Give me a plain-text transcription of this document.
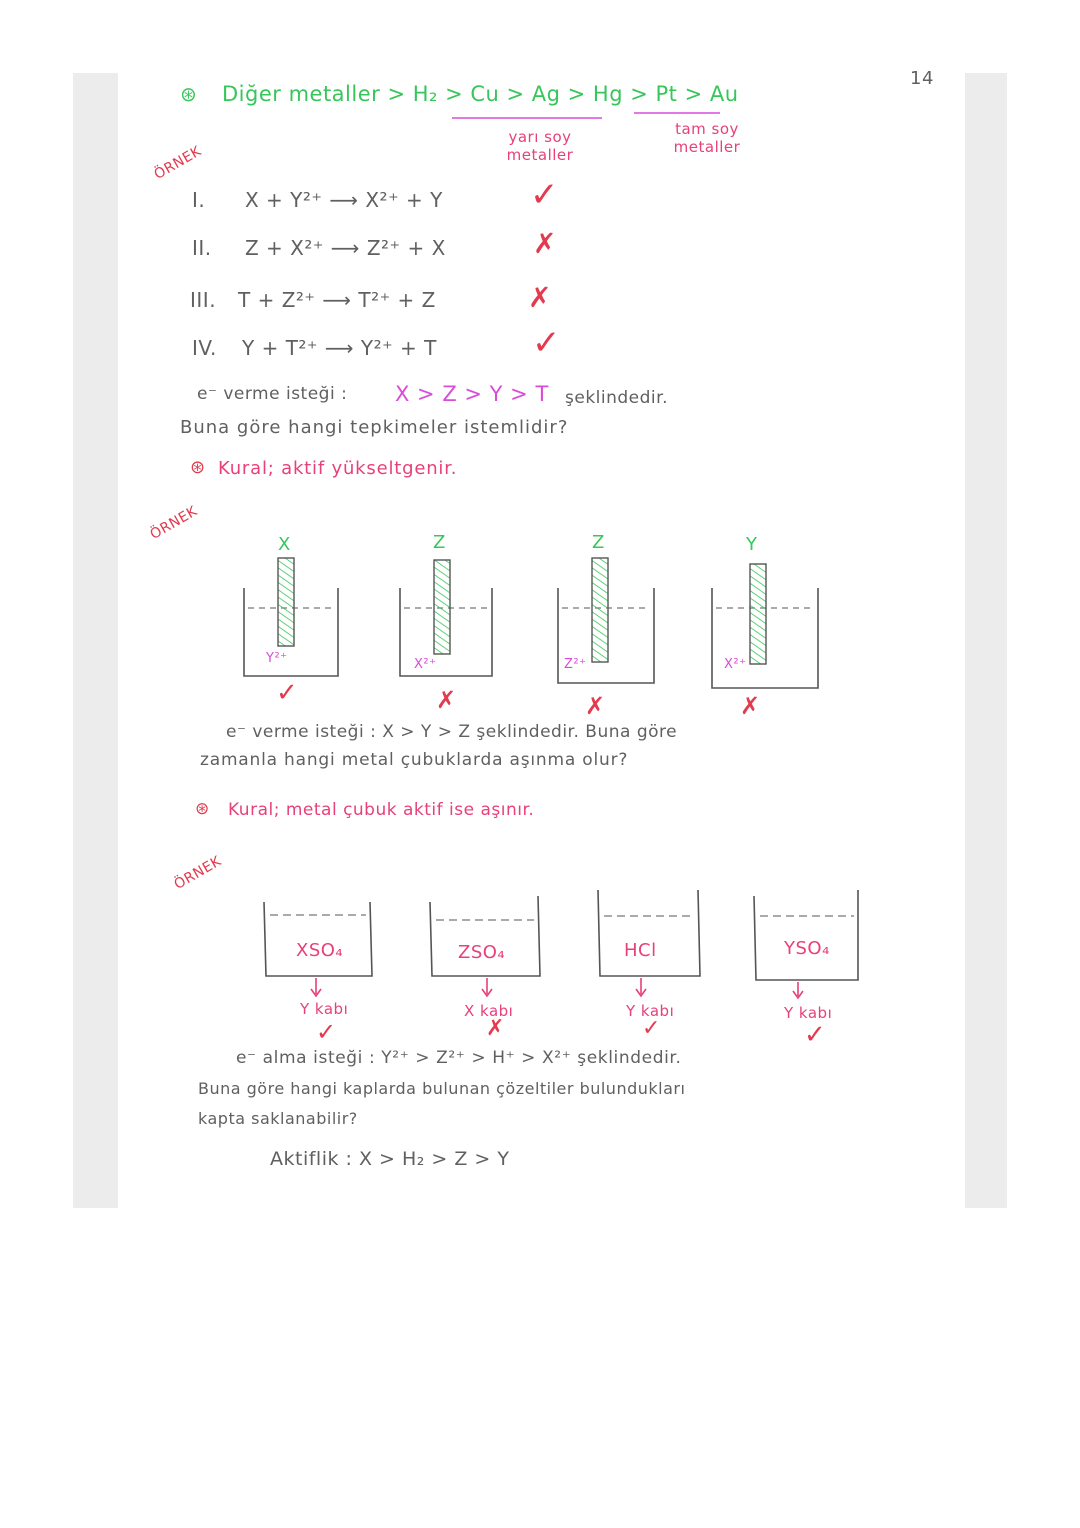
14
⊛ Diğer metaller > H₂ > Cu > Ag > Hg > Pt > Au
yarı soy metaller
tam soy metaller
ÖRNEK
I. X + Y²⁺ ⟶ X²⁺ + Y	✓
II. Z + X²⁺ ⟶ Z²⁺ + X	✗
III. T + Z²⁺ ⟶ T²⁺ + Z	✗
IV. Y + T²⁺ ⟶ Y²⁺ + T	✓
e⁻ verme isteği : X > Z > Y > T şeklindedir.
Buna göre hangi tepkimeler istemlidir?
⊛ Kural; aktif yükseltgenir.
ÖRNEK
X	Z	Z	Y
Y²⁺	X²⁺	Z²⁺	X²⁺
✓	✗	✗	✗
e⁻ verme isteği : X > Y > Z şeklindedir. Buna göre
zamanla hangi metal çubuklarda aşınma olur?
⊛ Kural; metal çubuk aktif ise aşınır.
ÖRNEK
XSO₄	ZSO₄	HCl	YSO₄
Y kabı	X kabı	Y kabı	Y kabı
✓	✗	✓	✓
e⁻ alma isteği : Y²⁺ > Z²⁺ > H⁺ > X²⁺ şeklindedir.
Buna göre hangi kaplarda bulunan çözeltiler bulundukları
kapta saklanabilir?
Aktiflik : X > H₂ > Z > Y
